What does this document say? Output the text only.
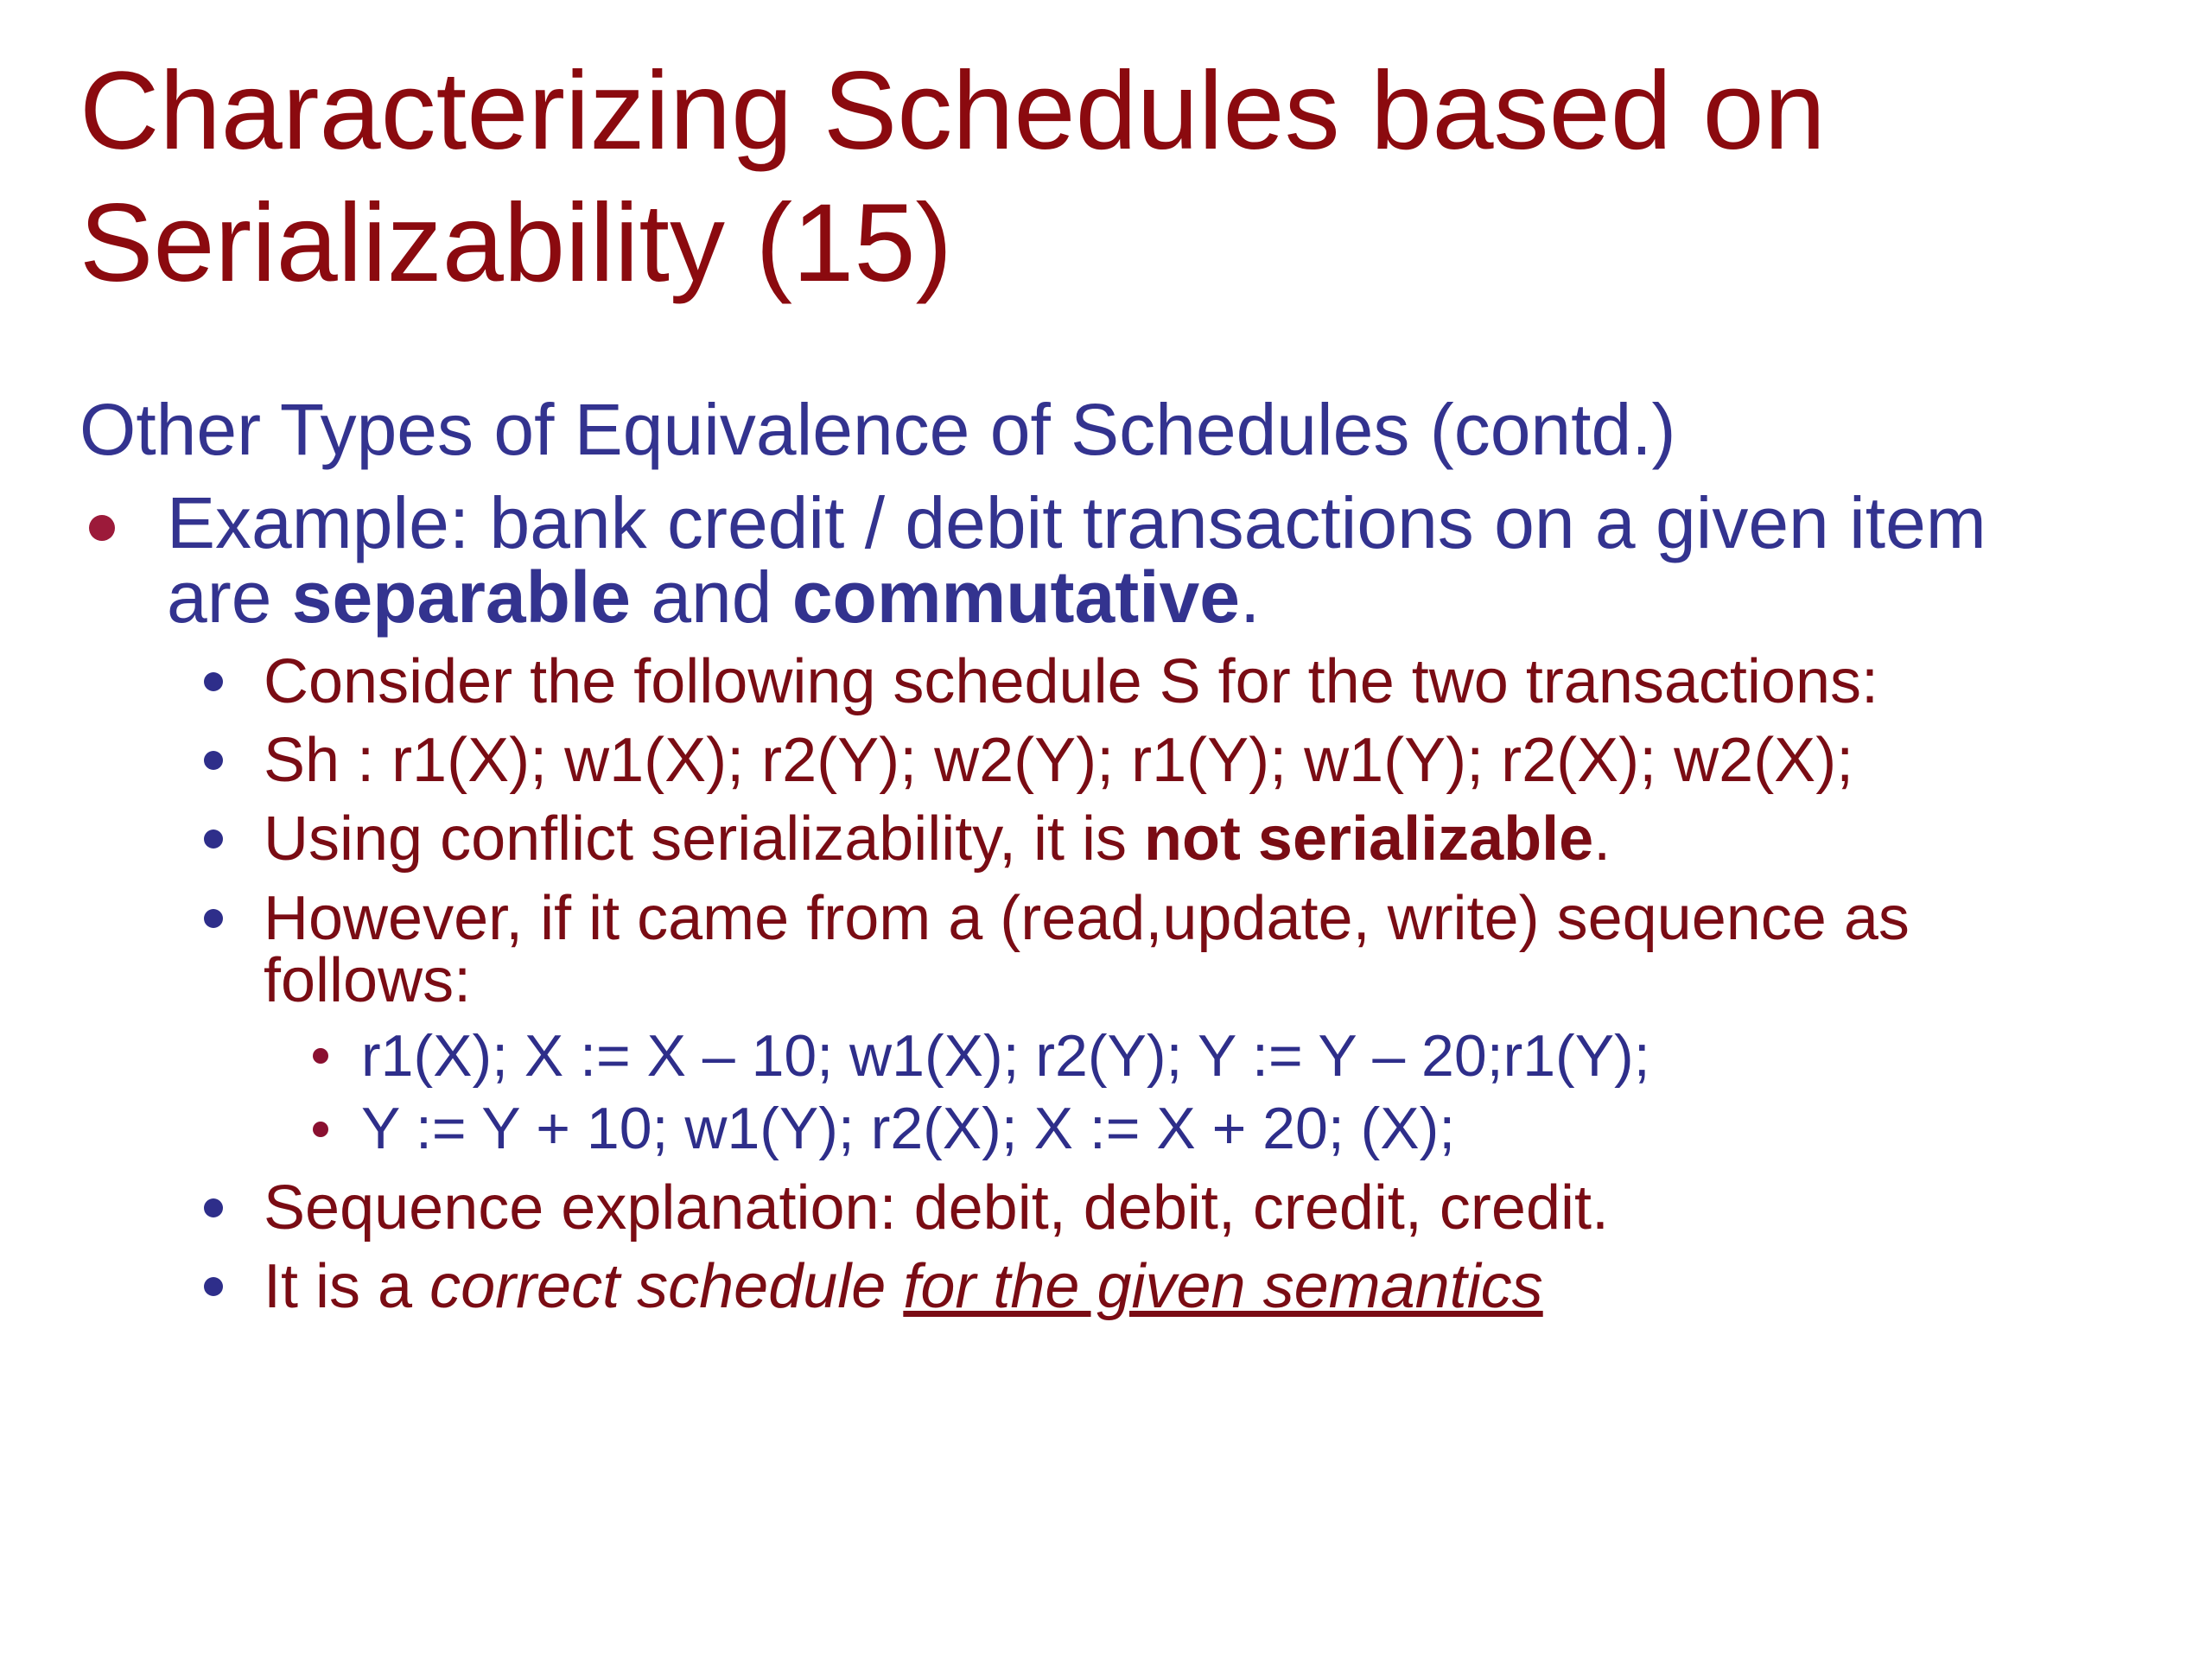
Characterizing Schedules based on Serializability (15)

Other Types of Equivalence of Schedules (contd.)

Example: bank credit / debit transactions on a given item

are separable and commutative.

Consider the following schedule S for the two transactions:

Sh : r1(X); w1(X); r2(Y); w2(Y); r1(Y); w1(Y); r2(X); w2(X);

Using conflict serializability, it is not serializable.

However, if it came from a (read,update, write) sequence as

follows:

r1(X); X := X – 10; w1(X); r2(Y); Y := Y – 20;r1(Y);

Y := Y + 10; w1(Y); r2(X); X := X + 20; (X);

Sequence explanation: debit, debit, credit, credit.

It is a correct schedule for the given semantics
